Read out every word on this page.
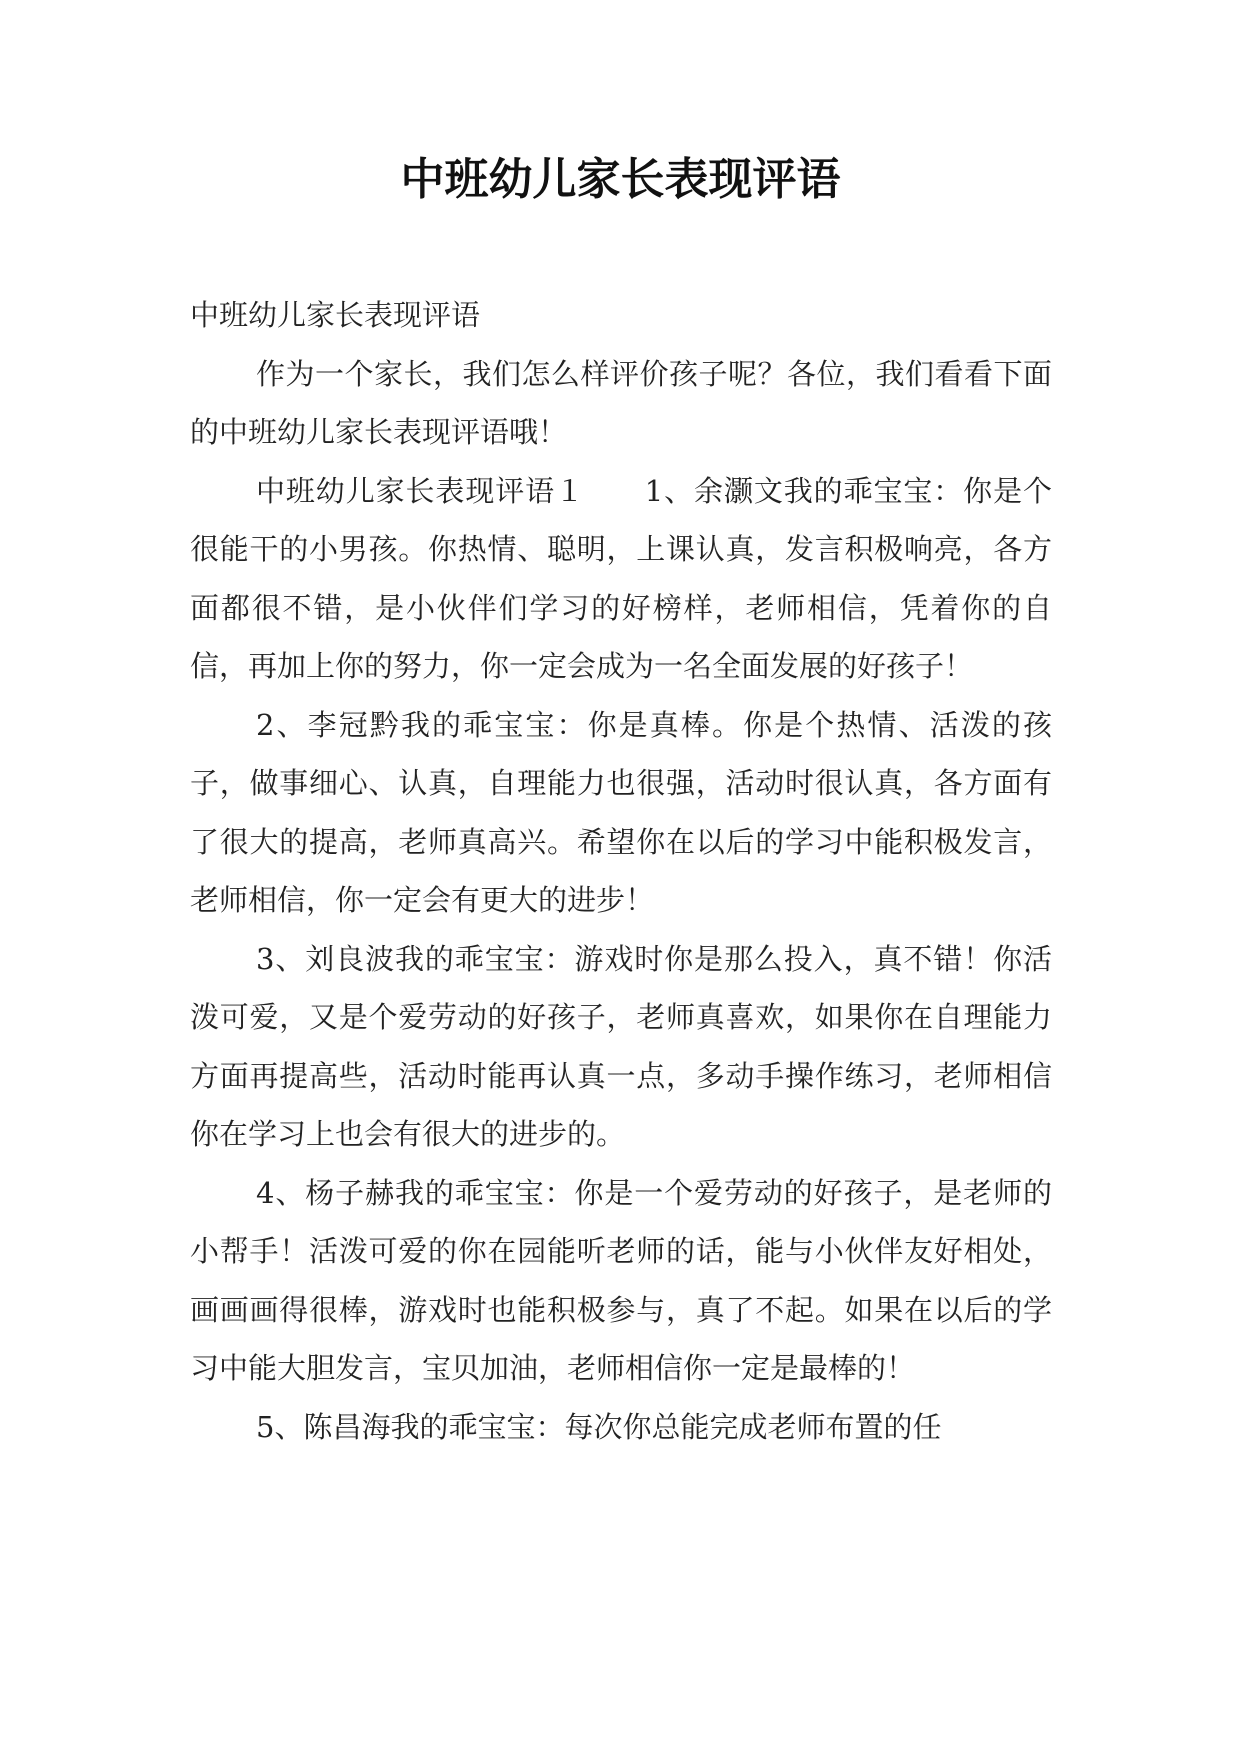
中班幼儿家长表现评语

中班幼儿家长表现评语

作为一个家长，我们怎么样评价孩子呢？各位，我们看看下面的中班幼儿家长表现评语哦！

中班幼儿家长表现评语１　　1、余灏文我的乖宝宝：你是个很能干的小男孩。你热情、聪明，上课认真，发言积极响亮，各方面都很不错，是小伙伴们学习的好榜样，老师相信，凭着你的自信，再加上你的努力，你一定会成为一名全面发展的好孩子！

2、李冠黔我的乖宝宝：你是真棒。你是个热情、活泼的孩子，做事细心、认真，自理能力也很强，活动时很认真，各方面有了很大的提高，老师真高兴。希望你在以后的学习中能积极发言，老师相信，你一定会有更大的进步！

3、刘良波我的乖宝宝：游戏时你是那么投入，真不错！你活泼可爱，又是个爱劳动的好孩子，老师真喜欢，如果你在自理能力方面再提高些，活动时能再认真一点，多动手操作练习，老师相信你在学习上也会有很大的进步的。

4、杨子赫我的乖宝宝：你是一个爱劳动的好孩子，是老师的小帮手！活泼可爱的你在园能听老师的话，能与小伙伴友好相处，画画画得很棒，游戏时也能积极参与，真了不起。如果在以后的学习中能大胆发言，宝贝加油，老师相信你一定是最棒的！

5、陈昌海我的乖宝宝：每次你总能完成老师布置的任
